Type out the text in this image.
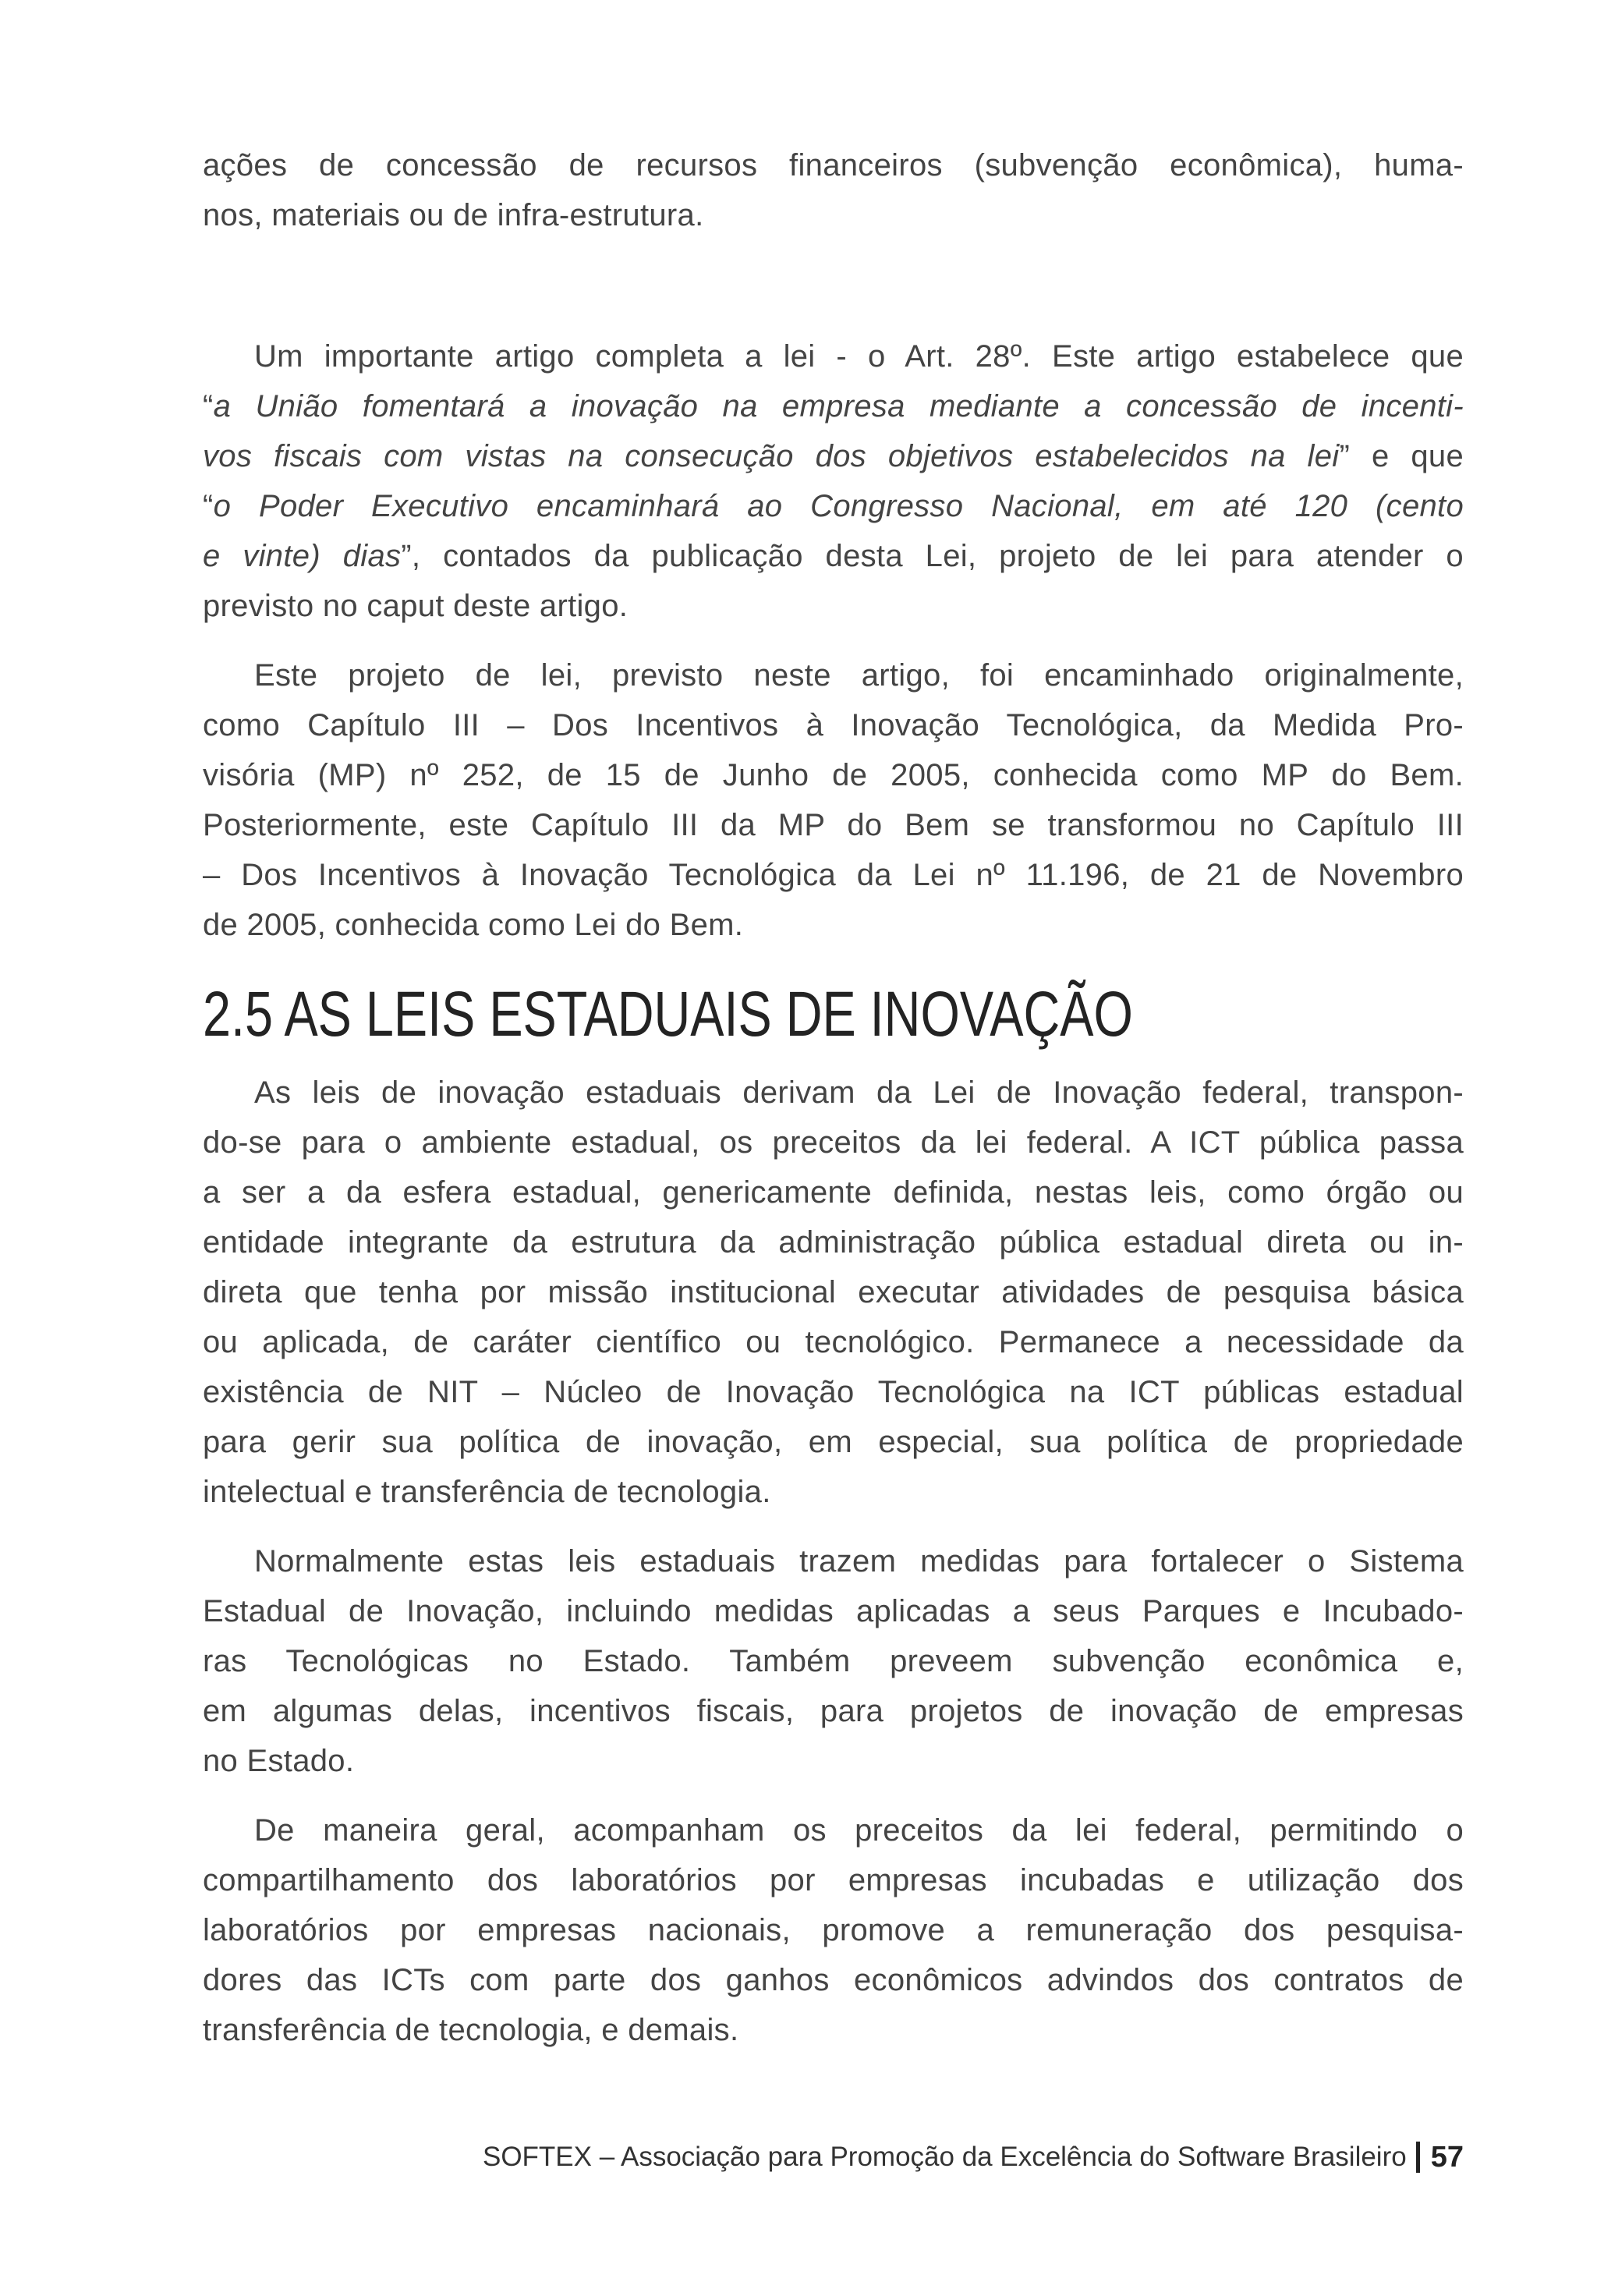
ações de concessão de recursos financeiros (subvenção econômica), huma-
nos, materiais ou de infra-estrutura.
Um importante artigo completa a lei - o Art. 28º. Este artigo estabelece que
“a União fomentará a inovação na empresa mediante a concessão de incenti-
vos fiscais com vistas na consecução dos objetivos estabelecidos na lei” e que
“o Poder Executivo encaminhará ao Congresso Nacional, em até 120 (cento
e vinte) dias”, contados da publicação desta Lei, projeto de lei para atender o
previsto no caput deste artigo.
Este projeto de lei, previsto neste artigo, foi encaminhado originalmente,
como Capítulo III – Dos Incentivos à Inovação Tecnológica, da Medida Pro-
visória (MP) nº 252, de 15 de Junho de 2005, conhecida como MP do Bem.
Posteriormente, este Capítulo III da MP do Bem se transformou no Capítulo III
– Dos Incentivos à Inovação Tecnológica da Lei nº 11.196, de 21 de Novembro
de 2005, conhecida como Lei do Bem.
2.5 AS LEIS ESTADUAIS DE INOVAÇÃO
As leis de inovação estaduais derivam da Lei de Inovação federal, transpon-
do-se para o ambiente estadual, os preceitos da lei federal. A ICT pública passa
a ser a da esfera estadual, genericamente definida, nestas leis, como órgão ou
entidade integrante da estrutura da administração pública estadual direta ou in-
direta que tenha por missão institucional executar atividades de pesquisa básica
ou aplicada, de caráter científico ou tecnológico. Permanece a necessidade da
existência de NIT – Núcleo de Inovação Tecnológica na ICT públicas estadual
para gerir sua política de inovação, em especial, sua política de propriedade
intelectual e transferência de tecnologia.
Normalmente estas leis estaduais trazem medidas para fortalecer o Sistema
Estadual de Inovação, incluindo medidas aplicadas a seus Parques e Incubado-
ras Tecnológicas no Estado. Também preveem subvenção econômica e,
em algumas delas, incentivos fiscais, para projetos de inovação de empresas
no Estado.
De maneira geral, acompanham os preceitos da lei federal, permitindo o
compartilhamento dos laboratórios por empresas incubadas e utilização dos
laboratórios por empresas nacionais, promove a remuneração dos pesquisa-
dores das ICTs com parte dos ganhos econômicos advindos dos contratos de
transferência de tecnologia, e demais.
SOFTEX – Associação para Promoção da Excelência do Software Brasileiro 57
